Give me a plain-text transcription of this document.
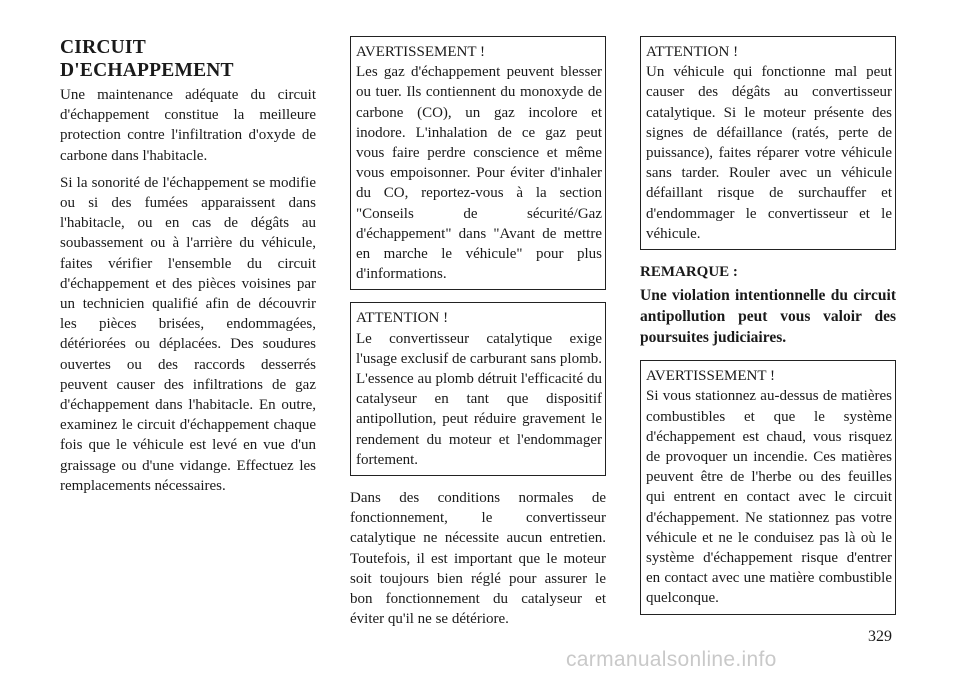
CIRCUIT D'ECHAPPEMENT

Une maintenance adéquate du circuit d'échappement constitue la meilleure protection contre l'infiltration d'oxyde de carbone dans l'habitacle.

Si la sonorité de l'échappement se modifie ou si des fumées apparaissent dans l'habitacle, ou en cas de dégâts au soubassement ou à l'arrière du véhicule, faites vérifier l'ensemble du circuit d'échappement et des pièces voisines par un technicien qualifié afin de découvrir les pièces brisées, endommagées, détériorées ou déplacées. Des soudures ouvertes ou des raccords desserrés peuvent causer des infiltrations de gaz d'échappement dans l'habitacle. En outre, examinez le circuit d'échappement chaque fois que le véhicule est levé en vue d'un graissage ou d'une vidange. Effectuez les remplacements nécessaires.

AVERTISSEMENT !
Les gaz d'échappement peuvent blesser ou tuer. Ils contiennent du monoxyde de carbone (CO), un gaz incolore et inodore. L'inhalation de ce gaz peut vous faire perdre conscience et même vous empoisonner. Pour éviter d'inhaler du CO, reportez-vous à la section "Conseils de sécurité/Gaz d'échappement" dans "Avant de mettre en marche le véhicule" pour plus d'informations.
ATTENTION !
Le convertisseur catalytique exige l'usage exclusif de carburant sans plomb. L'essence au plomb détruit l'efficacité du catalyseur en tant que dispositif antipollution, peut réduire gravement le rendement du moteur et l'endommager fortement.

Dans des conditions normales de fonctionnement, le convertisseur catalytique ne nécessite aucun entretien. Toutefois, il est important que le moteur soit toujours bien réglé pour assurer le bon fonctionnement du catalyseur et éviter qu'il ne se détériore.

ATTENTION !
Un véhicule qui fonctionne mal peut causer des dégâts au convertisseur catalytique. Si le moteur présente des signes de défaillance (ratés, perte de puissance), faites réparer votre véhicule sans tarder. Rouler avec un véhicule défaillant risque de surchauffer et d'endommager le convertisseur et le véhicule.
REMARQUE :
Une violation intentionnelle du circuit antipollution peut vous valoir des poursuites judiciaires.
AVERTISSEMENT !
Si vous stationnez au-dessus de matières combustibles et que le système d'échappement est chaud, vous risquez de provoquer un incendie. Ces matières peuvent être de l'herbe ou des feuilles qui entrent en contact avec le circuit d'échappement. Ne stationnez pas votre véhicule et ne le conduisez pas là où le système d'échappement risque d'entrer en contact avec une matière combustible quelconque.
329
carmanualsonline.info
